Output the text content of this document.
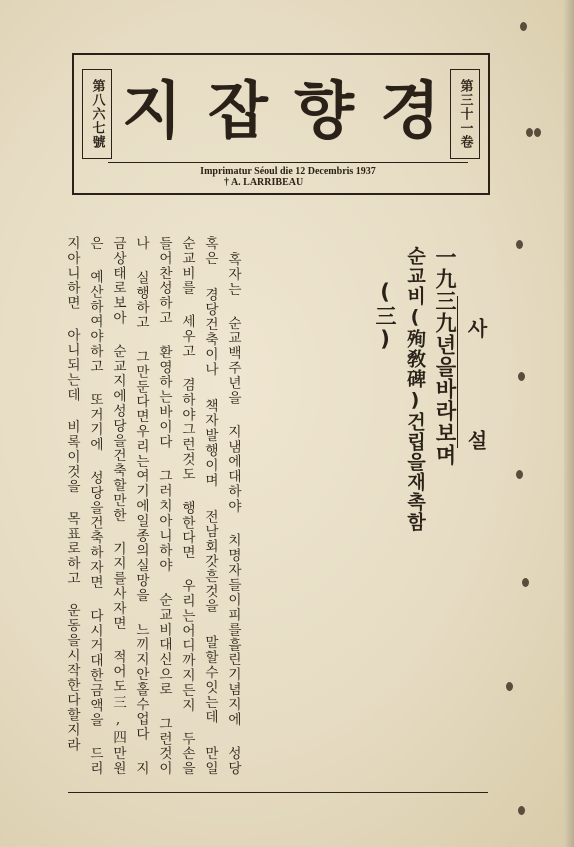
第八六七號 지 잡 향 경 第三十一卷
Imprimatur Séoul die 12 Decembris 1937
† A. LARRIBEAU
사 설
一九三九년을바라보며
순교비(殉敎碑)건립을재촉함
(三)

혹자는 순교백주년을 지냄에대하야 치명자들이피를흘린기념지에 성당혹은 경당건축이나 책자발행이며 전남회갓흔것을 말할수잇는데 만일 순교비를 세우고 겸하야그런것도 행한다면 우리는어디까지든지 두손을들어찬성하고 환영하는바이다 그러치아니하야 순교비대신으로 그런것이나 실행하고 그만둔다면우리는여기에일종의실망을 느끼지안홀수업다 지금상태로보아 순교지에성당을건축할만한 기지를사자면 적어도三,四만원은 예산하여야하고 또거기에 성당을건축하자면 다시거대한금액을 드리지아니하면 아니되는데 비록이것을 목표로하고 운동을시작한다할지라
